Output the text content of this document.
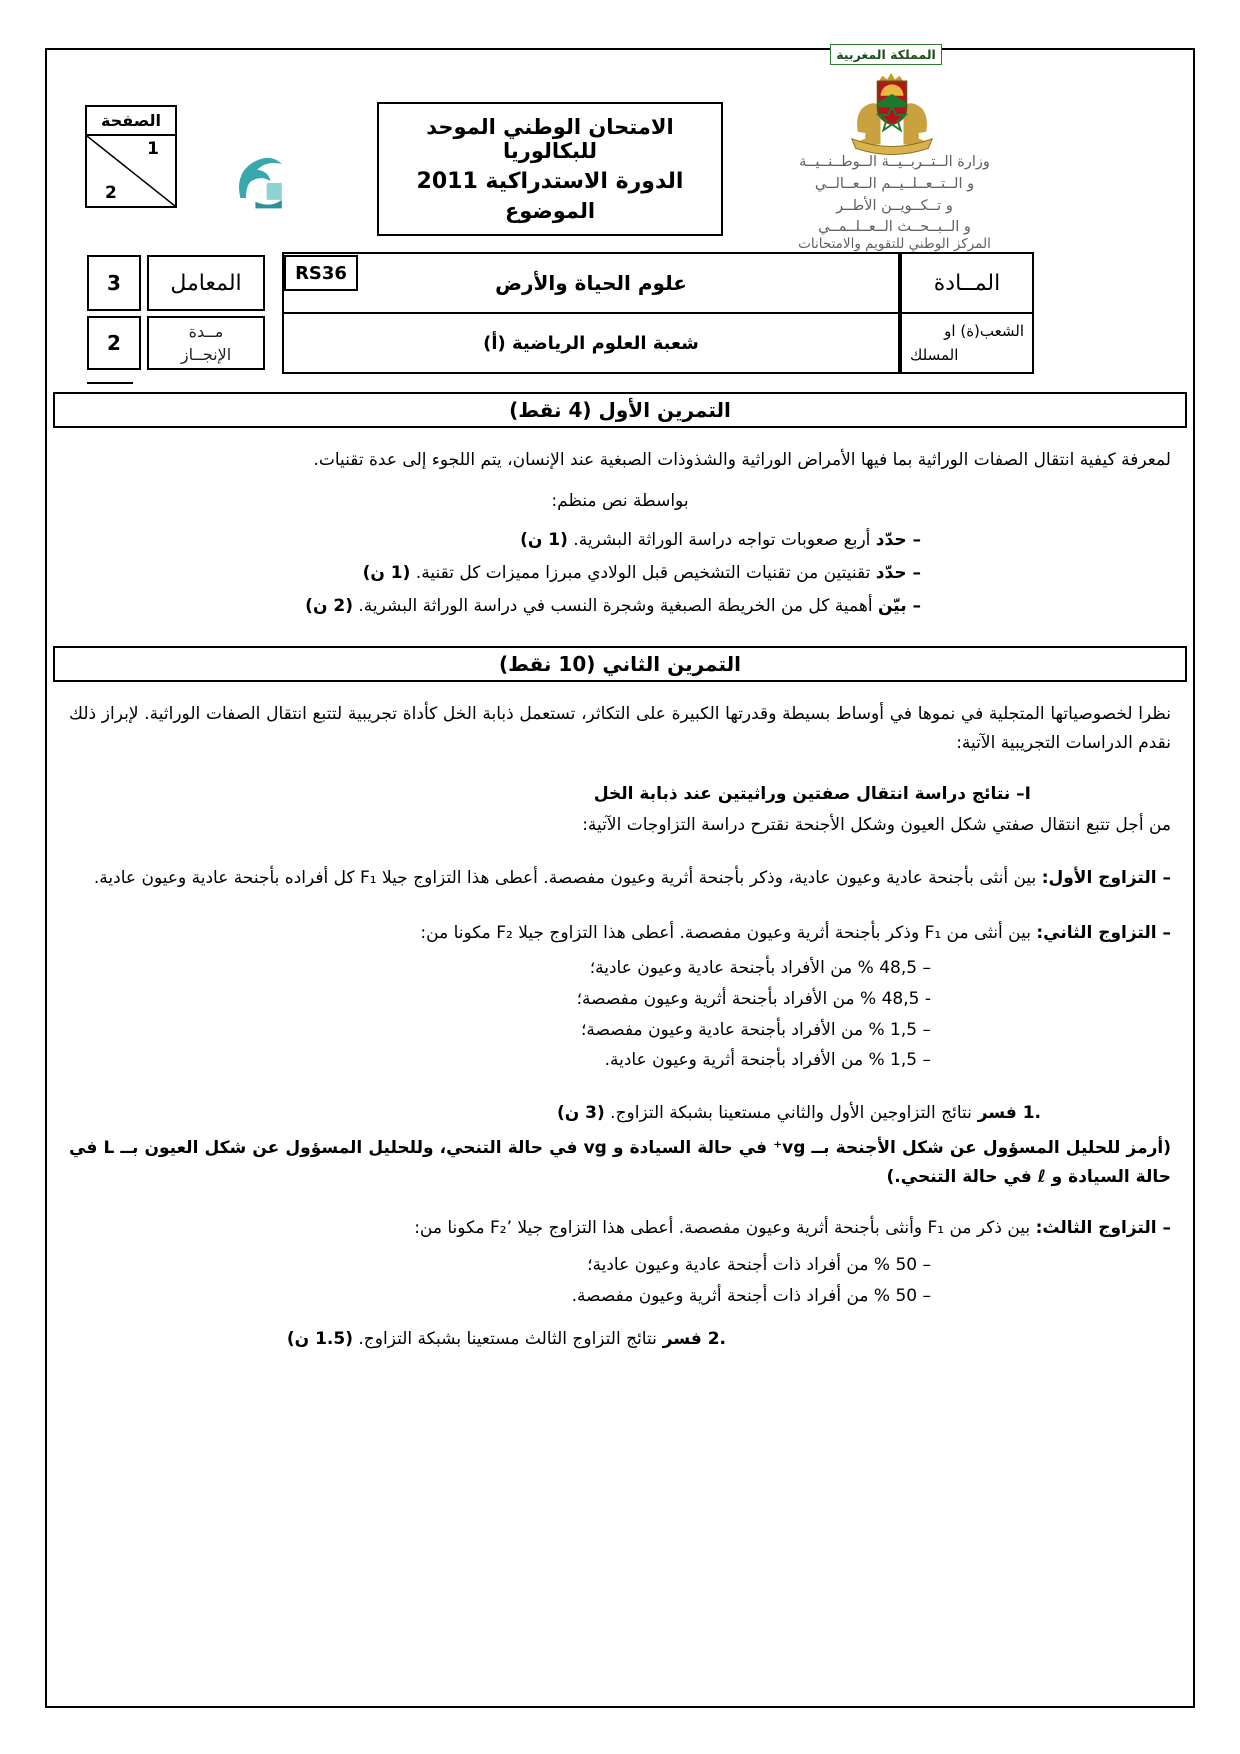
الصفحة
1
2
الامتحان الوطني الموحد للبكالوريا
الدورة الاستدراكية 2011
الموضوع
المملكة المغربية
وزارة الــتــربــيــة الــوطــنــيــة
و الــتــعــلــيــم الــعــالــي
و تــكــويــن الأطــر
و الــبــحــث الــعــلــمــي
المركز الوطني للتقويم والامتحانات
المــادة
علوم الحياة والأرض
RS36
المعامل
3
الشعب(ة) او
المسلك
شعبة العلوم الرياضية (أ)
مــدة
الإنجــاز
2
التمرين الأول (4 نقط)

لمعرفة كيفية انتقال الصفات الوراثية بما فيها الأمراض الوراثية والشذوذات الصبغية عند الإنسان، يتم اللجوء إلى عدة تقنيات.

بواسطة نص منظم:

– حدّد أربع صعوبات تواجه دراسة الوراثة البشرية. (1 ن)

– حدّد تقنيتين من تقنيات التشخيص قبل الولادي مبرزا مميزات كل تقنية. (1 ن)

– بيّن أهمية كل من الخريطة الصبغية وشجرة النسب في دراسة الوراثة البشرية. (2 ن)

التمرين الثاني (10 نقط)

نظرا لخصوصياتها المتجلية في نموها في أوساط بسيطة وقدرتها الكبيرة على التكاثر، تستعمل ذبابة الخل كأداة تجريبية لتتبع انتقال الصفات الوراثية. لإبراز ذلك نقدم الدراسات التجريبية الآتية:

I– نتائج دراسة انتقال صفتين وراثيتين عند ذبابة الخل

من أجل تتبع انتقال صفتي شكل العيون وشكل الأجنحة نقترح دراسة التزاوجات الآتية:

– التزاوج الأول: بين أنثى بأجنحة عادية وعيون عادية، وذكر بأجنحة أثرية وعيون مفصصة. أعطى هذا التزاوج جيلا F₁ كل أفراده بأجنحة عادية وعيون عادية.

– التزاوج الثاني: بين أنثى من F₁ وذكر بأجنحة أثرية وعيون مفصصة. أعطى هذا التزاوج جيلا F₂ مكونا من:

– 48,5 % من الأفراد بأجنحة عادية وعيون عادية؛

- 48,5 % من الأفراد بأجنحة أثرية وعيون مفصصة؛

– 1,5 % من الأفراد بأجنحة عادية وعيون مفصصة؛

– 1,5 % من الأفراد بأجنحة أثرية وعيون عادية.

1. فسر نتائج التزاوجين الأول والثاني مستعينا بشبكة التزاوج. (3 ن)

(أرمز للحليل المسؤول عن شكل الأجنحة بــ vg⁺ في حالة السيادة و vg في حالة التنحي، وللحليل المسؤول عن شكل العيون بــ L في حالة السيادة و ℓ في حالة التنحي.)

– التزاوج الثالث: بين ذكر من F₁ وأنثى بأجنحة أثرية وعيون مفصصة. أعطى هذا التزاوج جيلا F₂’ مكونا من:

– 50 % من أفراد ذات أجنحة عادية وعيون عادية؛

– 50 % من أفراد ذات أجنحة أثرية وعيون مفصصة.

2. فسر نتائج التزاوج الثالث مستعينا بشبكة التزاوج. (1.5 ن)
